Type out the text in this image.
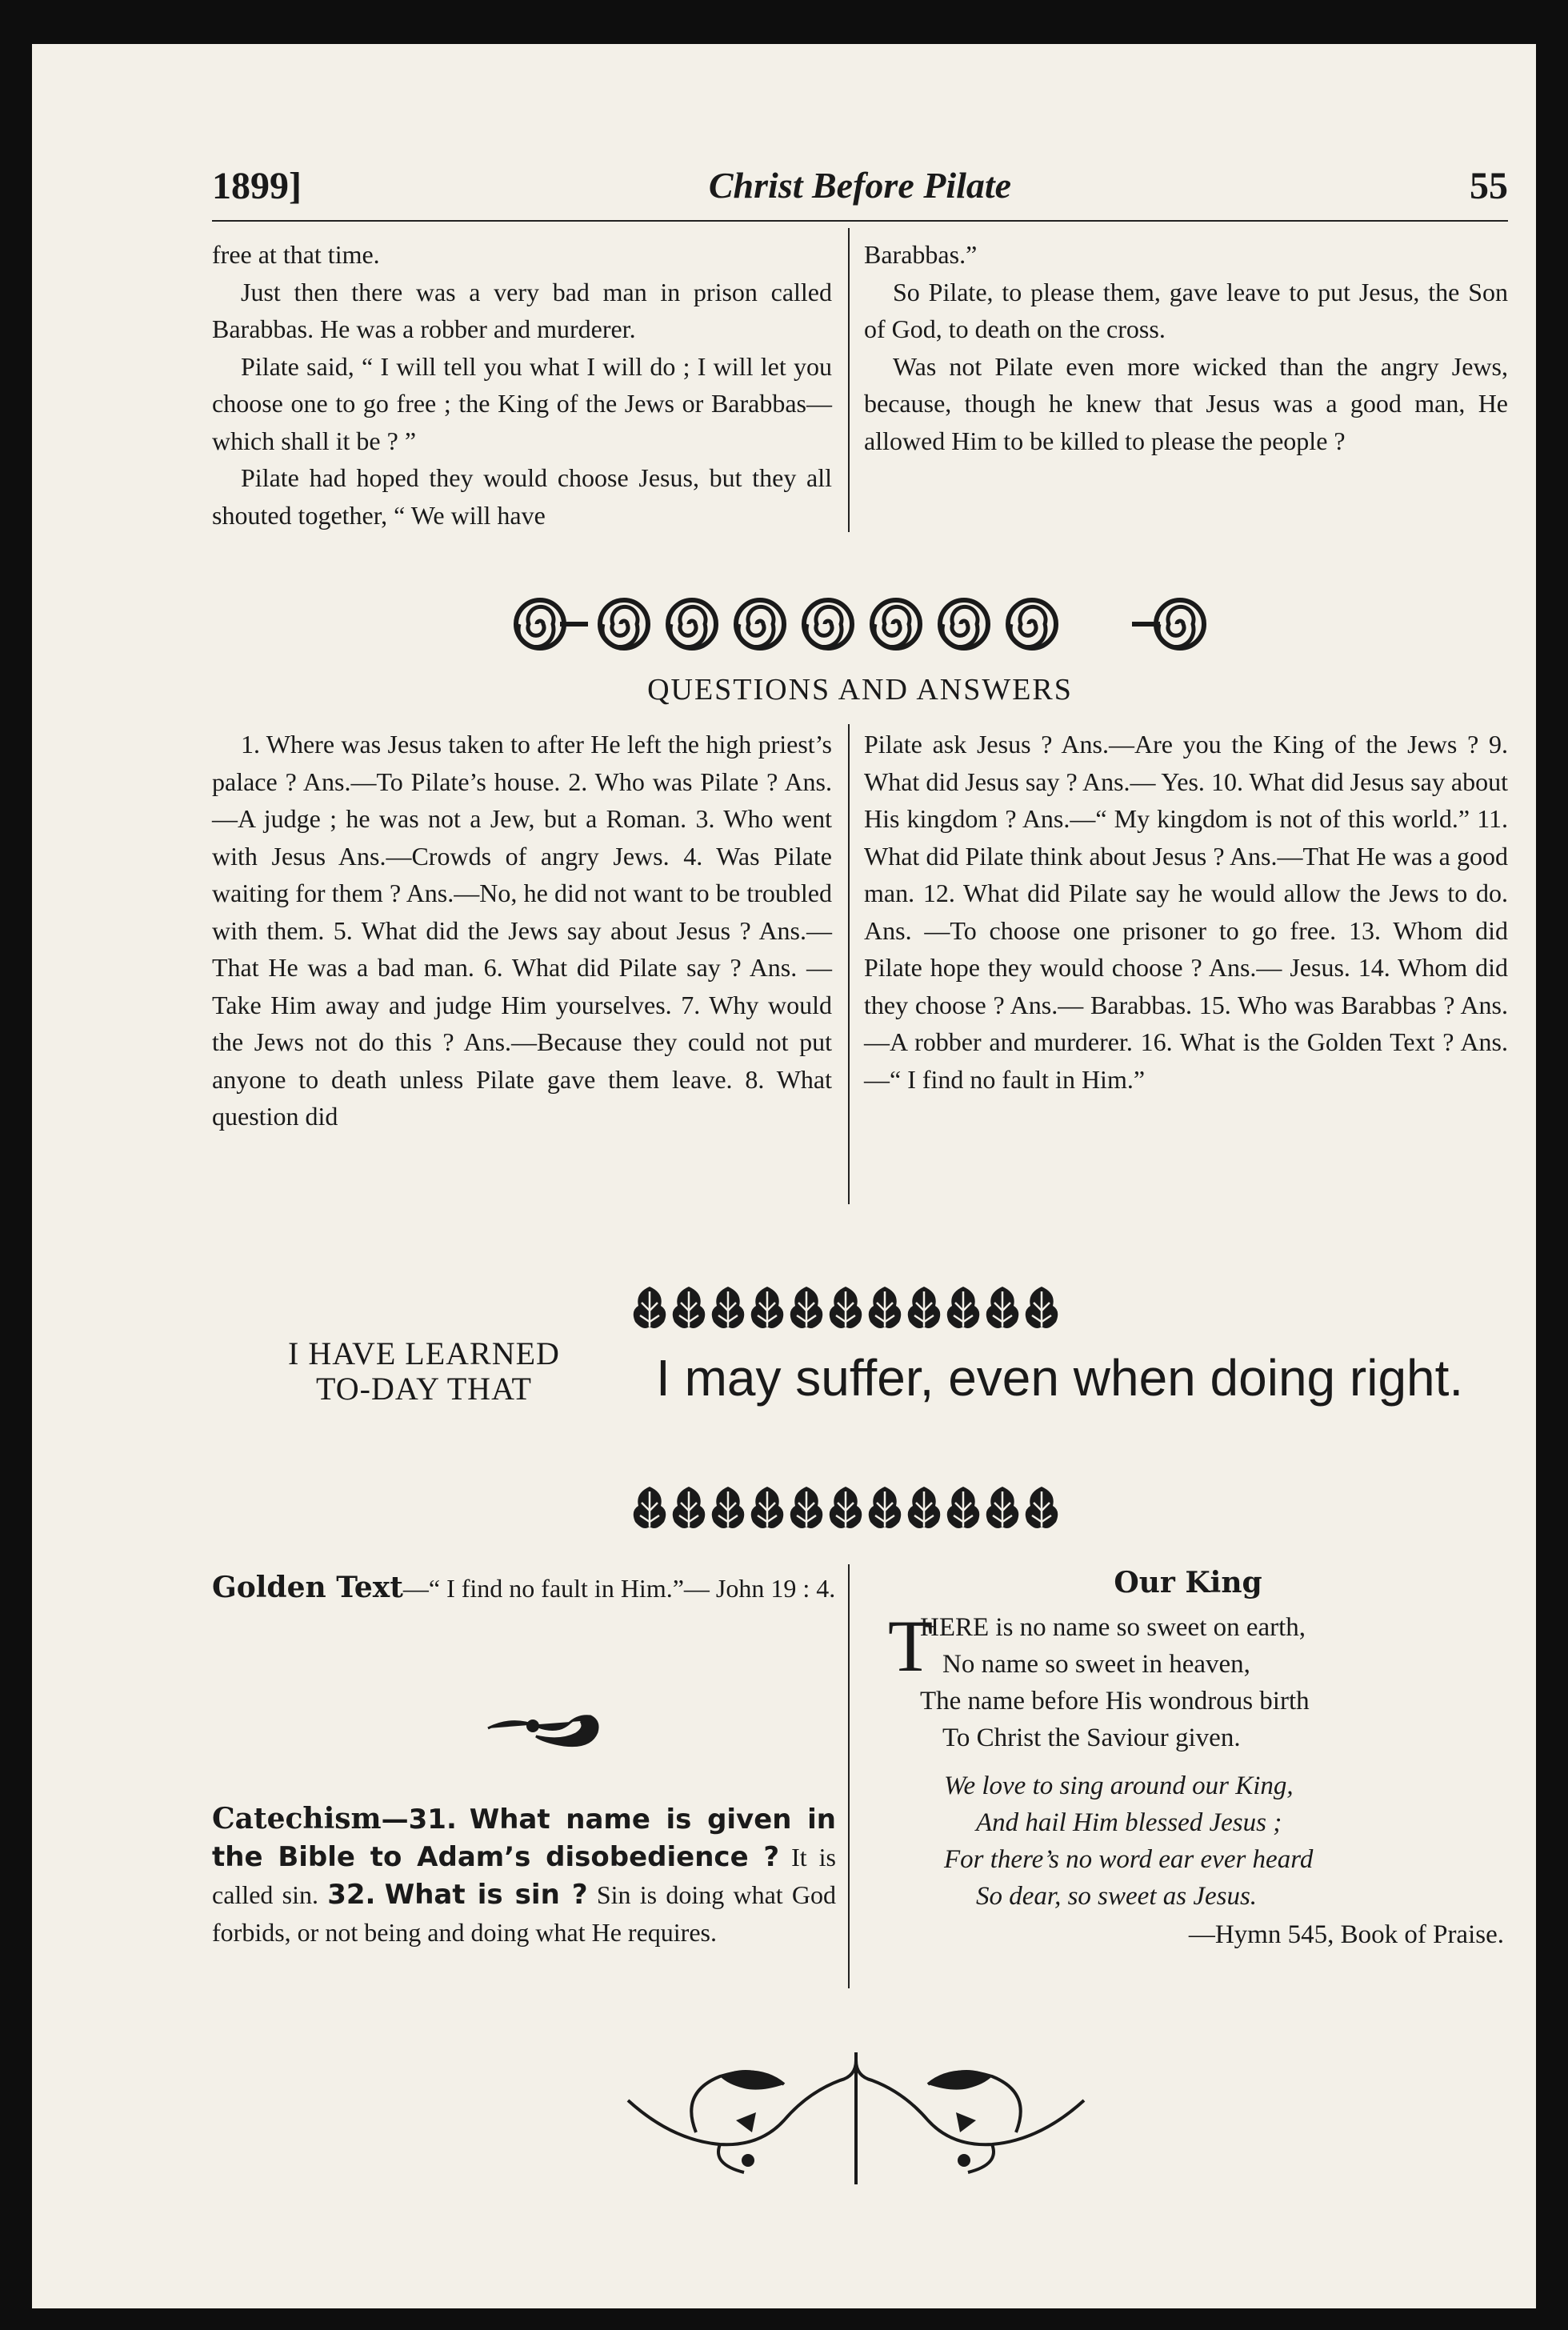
1899]	Christ Before Pilate	55

free at that time.

Just then there was a very bad man in prison called Barabbas. He was a robber and murderer.

Pilate said, “ I will tell you what I will do ; I will let you choose one to go free ; the King of the Jews or Barabbas—which shall it be ? ”

Pilate had hoped they would choose Jesus, but they all shouted together, “ We will have

Barabbas.”

So Pilate, to please them, gave leave to put Jesus, the Son of God, to death on the cross.

Was not Pilate even more wicked than the angry Jews, because, though he knew that Jesus was a good man, He allowed Him to be killed to please the people ?

QUESTIONS AND ANSWERS

1. Where was Jesus taken to after He left the high priest’s palace ? Ans.—To Pilate’s house. 2. Who was Pilate ? Ans.—A judge ; he was not a Jew, but a Roman. 3. Who went with Jesus Ans.—Crowds of angry Jews. 4. Was Pilate waiting for them ? Ans.—No, he did not want to be troubled with them. 5. What did the Jews say about Jesus ? Ans.—That He was a bad man. 6. What did Pilate say ? Ans. — Take Him away and judge Him yourselves. 7. Why would the Jews not do this ? Ans.—Because they could not put anyone to death unless Pilate gave them leave. 8. What question did

Pilate ask Jesus ? Ans.—Are you the King of the Jews ? 9. What did Jesus say ? Ans.— Yes. 10. What did Jesus say about His kingdom ? Ans.—“ My kingdom is not of this world.” 11. What did Pilate think about Jesus ? Ans.—That He was a good man. 12. What did Pilate say he would allow the Jews to do. Ans. —To choose one prisoner to go free. 13. Whom did Pilate hope they would choose ? Ans.— Jesus. 14. Whom did they choose ? Ans.— Barabbas. 15. Who was Barabbas ? Ans.—A robber and murderer. 16. What is the Golden Text ? Ans.—“ I find no fault in Him.”

I HAVE LEARNED
TO-DAY THAT	I may suffer, even when doing right.
Golden Text—“ I find no fault in Him.”— John 19 : 4.
Catechism—31. What name is given in the Bible to Adam’s disobedience ? It is called sin. 32. What is sin ? Sin is doing what God forbids, or not being and doing what He requires.
Our King
T
HERE is no name so sweet on earth,
No name so sweet in heaven,
The name before His wondrous birth
To Christ the Saviour given.
We love to sing around our King,
And hail Him blessed Jesus ;
For there’s no word ear ever heard
So dear, so sweet as Jesus.
—Hymn 545, Book of Praise.
